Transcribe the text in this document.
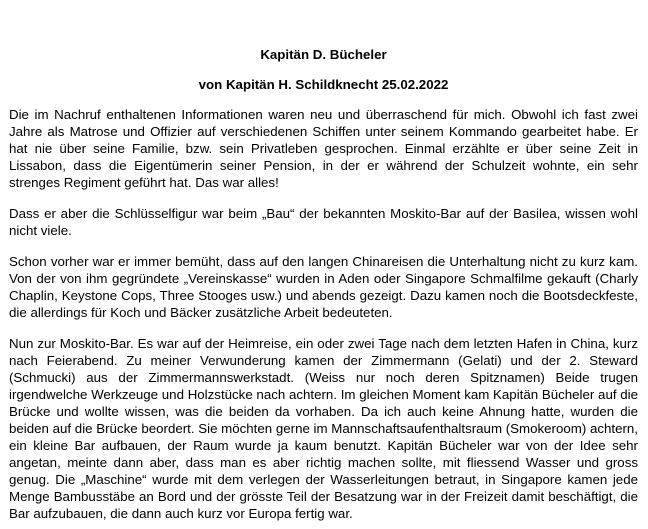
Kapitän D. Bücheler
von Kapitän H. Schildknecht 25.02.2022

Die im Nachruf enthaltenen Informationen waren neu und überraschend für mich. Obwohl ich fast zwei Jahre als Matrose und Offizier auf verschiedenen Schiffen unter seinem Kommando gearbeitet habe. Er hat nie über seine Familie, bzw. sein Privatleben gesprochen. Einmal erzählte er über seine Zeit in Lissabon, dass die Eigentümerin seiner Pension, in der er während der Schulzeit wohnte, ein sehr strenges Regiment geführt hat. Das war alles!

Dass er aber die Schlüsselfigur war beim „Bau“ der bekannten Moskito-Bar auf der Basilea, wissen wohl nicht viele.

Schon vorher war er immer bemüht, dass auf den langen Chinareisen die Unterhaltung nicht zu kurz kam. Von der von ihm gegründete „Vereinskasse“ wurden in Aden oder Singapore Schmalfilme gekauft (Charly Chaplin, Keystone Cops, Three Stooges usw.) und abends gezeigt. Dazu kamen noch die Bootsdeckfeste, die allerdings für Koch und Bäcker zusätzliche Arbeit bedeuteten.

Nun zur Moskito-Bar. Es war auf der Heimreise, ein oder zwei Tage nach dem letzten Hafen in China, kurz nach Feierabend. Zu meiner Verwunderung kamen der Zimmermann (Gelati) und der 2. Steward (Schmucki) aus der Zimmermannswerkstadt. (Weiss nur noch deren Spitznamen) Beide trugen irgendwelche Werkzeuge und Holzstücke nach achtern. Im gleichen Moment kam Kapitän Bücheler auf die Brücke und wollte wissen, was die beiden da vorhaben. Da ich auch keine Ahnung hatte, wurden die beiden auf die Brücke beordert. Sie möchten gerne im Mannschaftsaufenthaltsraum (Smokeroom) achtern, ein kleine Bar aufbauen, der Raum wurde ja kaum benutzt. Kapitän Bücheler war von der Idee sehr angetan, meinte dann aber, dass man es aber richtig machen sollte, mit fliessend Wasser und gross genug. Die „Maschine“ wurde mit dem verlegen der Wasserleitungen betraut, in Singapore kamen jede Menge Bambusstäbe an Bord und der grösste Teil der Besatzung war in der Freizeit damit beschäftigt, die Bar aufzubauen, die dann auch kurz vor Europa fertig war.
